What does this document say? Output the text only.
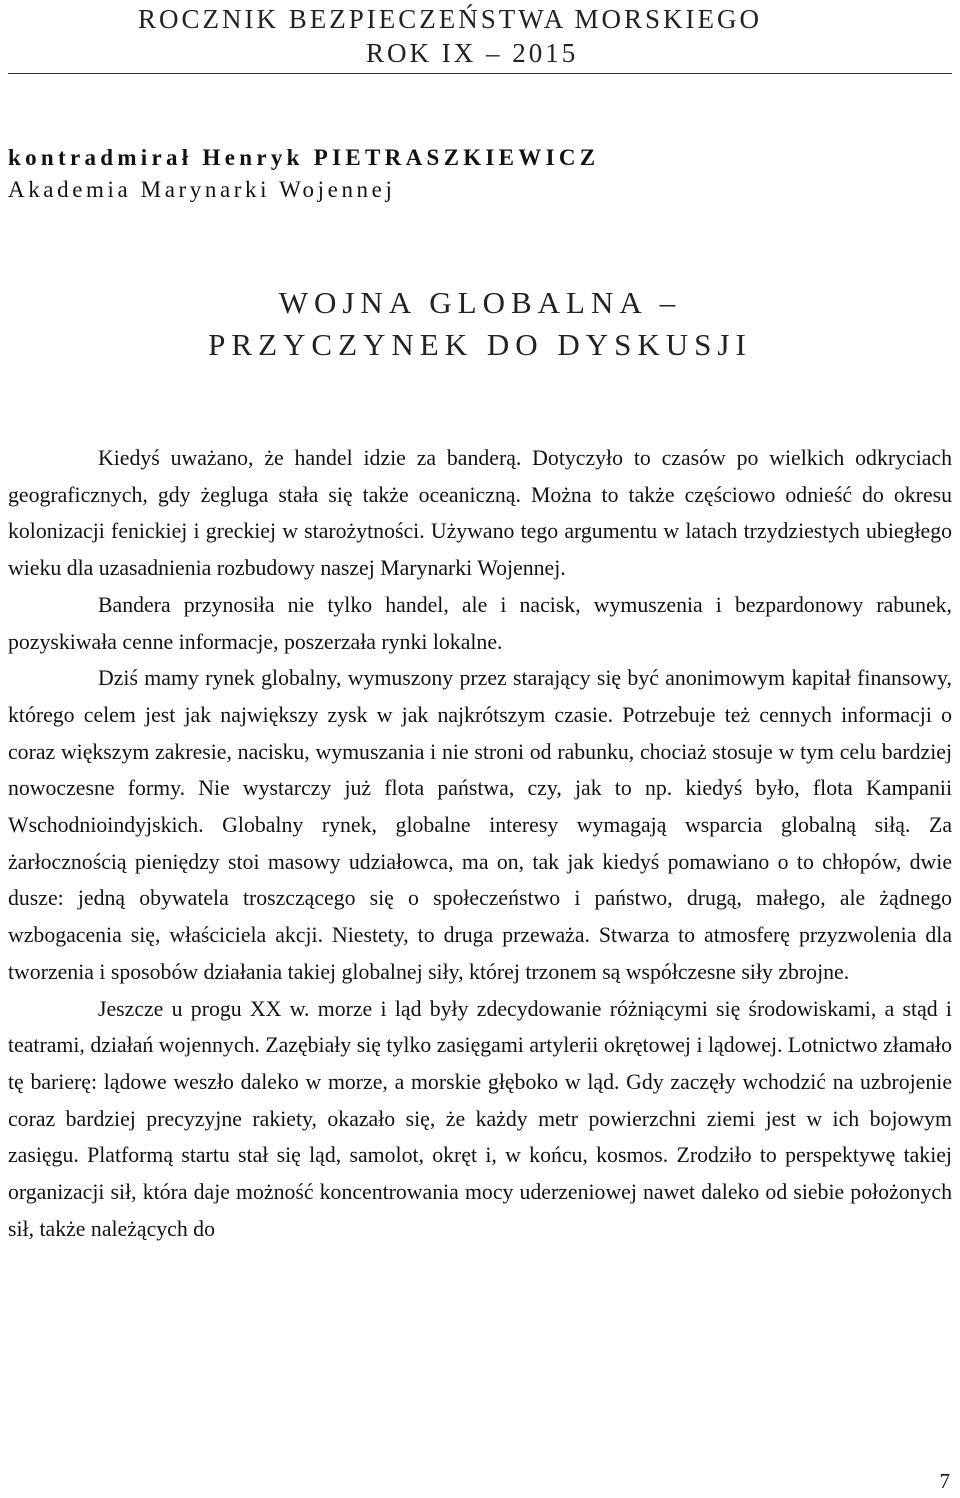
ROCZNIK BEZPIECZEŃSTWA MORSKIEGO
ROK IX – 2015
kontradmirał Henryk PIETRASZKIEWICZ
Akademia Marynarki Wojennej
WOJNA GLOBALNA –
PRZYCZYNEK DO DYSKUSJI

Kiedyś uważano, że handel idzie za banderą. Dotyczyło to czasów po wielkich odkryciach geograficznych, gdy żegluga stała się także oceaniczną. Można to także częściowo odnieść do okresu kolonizacji fenickiej i greckiej w starożytności. Używano tego argumentu w latach trzydziestych ubiegłego wieku dla uzasadnienia rozbudowy naszej Marynarki Wojennej.

Bandera przynosiła nie tylko handel, ale i nacisk, wymuszenia i bezpardonowy rabunek, pozyskiwała cenne informacje, poszerzała rynki lokalne.

Dziś mamy rynek globalny, wymuszony przez starający się być anonimowym kapitał finansowy, którego celem jest jak największy zysk w jak najkrótszym czasie. Potrzebuje też cennych informacji o coraz większym zakresie, nacisku, wymuszania i nie stroni od rabunku, chociaż stosuje w tym celu bardziej nowoczesne formy. Nie wystarczy już flota państwa, czy, jak to np. kiedyś było, flota Kampanii Wschodnioindyjskich. Globalny rynek, globalne interesy wymagają wsparcia globalną siłą. Za żarłocznością pieniędzy stoi masowy udziałowca, ma on, tak jak kiedyś pomawiano o to chłopów, dwie dusze: jedną obywatela troszczącego się o społeczeństwo i państwo, drugą, małego, ale żądnego wzbogacenia się, właściciela akcji. Niestety, to druga przeważa. Stwarza to atmosferę przyzwolenia dla tworzenia i sposobów działania takiej globalnej siły, której trzonem są współczesne siły zbrojne.

Jeszcze u progu XX w. morze i ląd były zdecydowanie różniącymi się środowiskami, a stąd i teatrami, działań wojennych. Zazębiały się tylko zasięgami artylerii okrętowej i lądowej. Lotnictwo złamało tę barierę: lądowe weszło daleko w morze, a morskie głęboko w ląd. Gdy zaczęły wchodzić na uzbrojenie coraz bardziej precyzyjne rakiety, okazało się, że każdy metr powierzchni ziemi jest w ich bojowym zasięgu. Platformą startu stał się ląd, samolot, okręt i, w końcu, kosmos. Zrodziło to perspektywę takiej organizacji sił, która daje możność koncentrowania mocy uderzeniowej nawet daleko od siebie położonych sił, także należących do

7
